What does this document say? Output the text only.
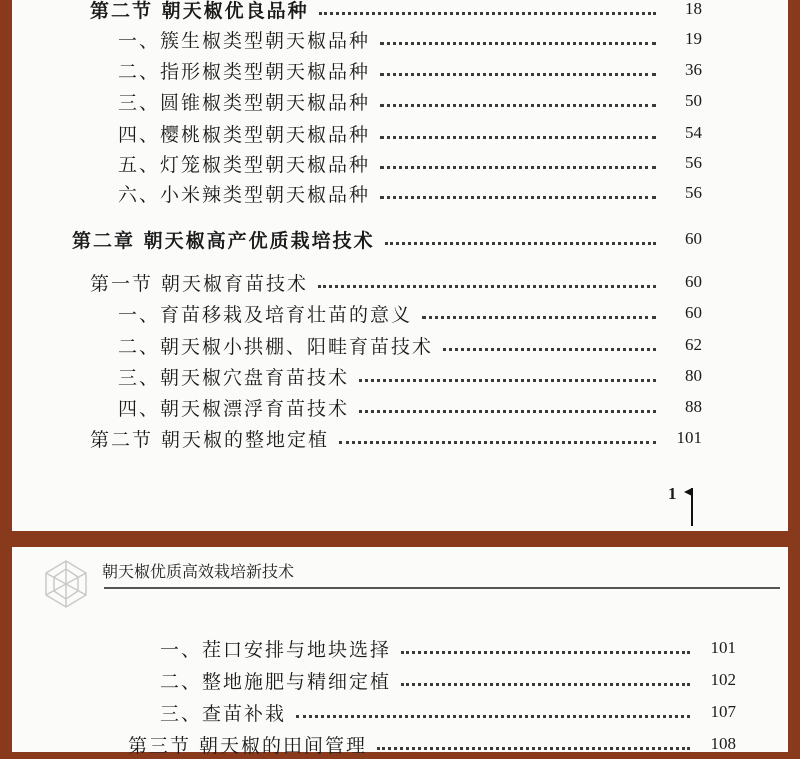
第二节 朝天椒优良品种	18
一、簇生椒类型朝天椒品种	19
二、指形椒类型朝天椒品种	36
三、圆锥椒类型朝天椒品种	50
四、樱桃椒类型朝天椒品种	54
五、灯笼椒类型朝天椒品种	56
六、小米辣类型朝天椒品种	56
第二章 朝天椒高产优质栽培技术	60
第一节 朝天椒育苗技术	60
一、育苗移栽及培育壮苗的意义	60
二、朝天椒小拱棚、阳畦育苗技术	62
三、朝天椒穴盘育苗技术	80
四、朝天椒漂浮育苗技术	88
第二节 朝天椒的整地定植	101
1
朝天椒优质高效栽培新技术
一、茬口安排与地块选择	101
二、整地施肥与精细定植	102
三、查苗补栽	107
第三节 朝天椒的田间管理	108
